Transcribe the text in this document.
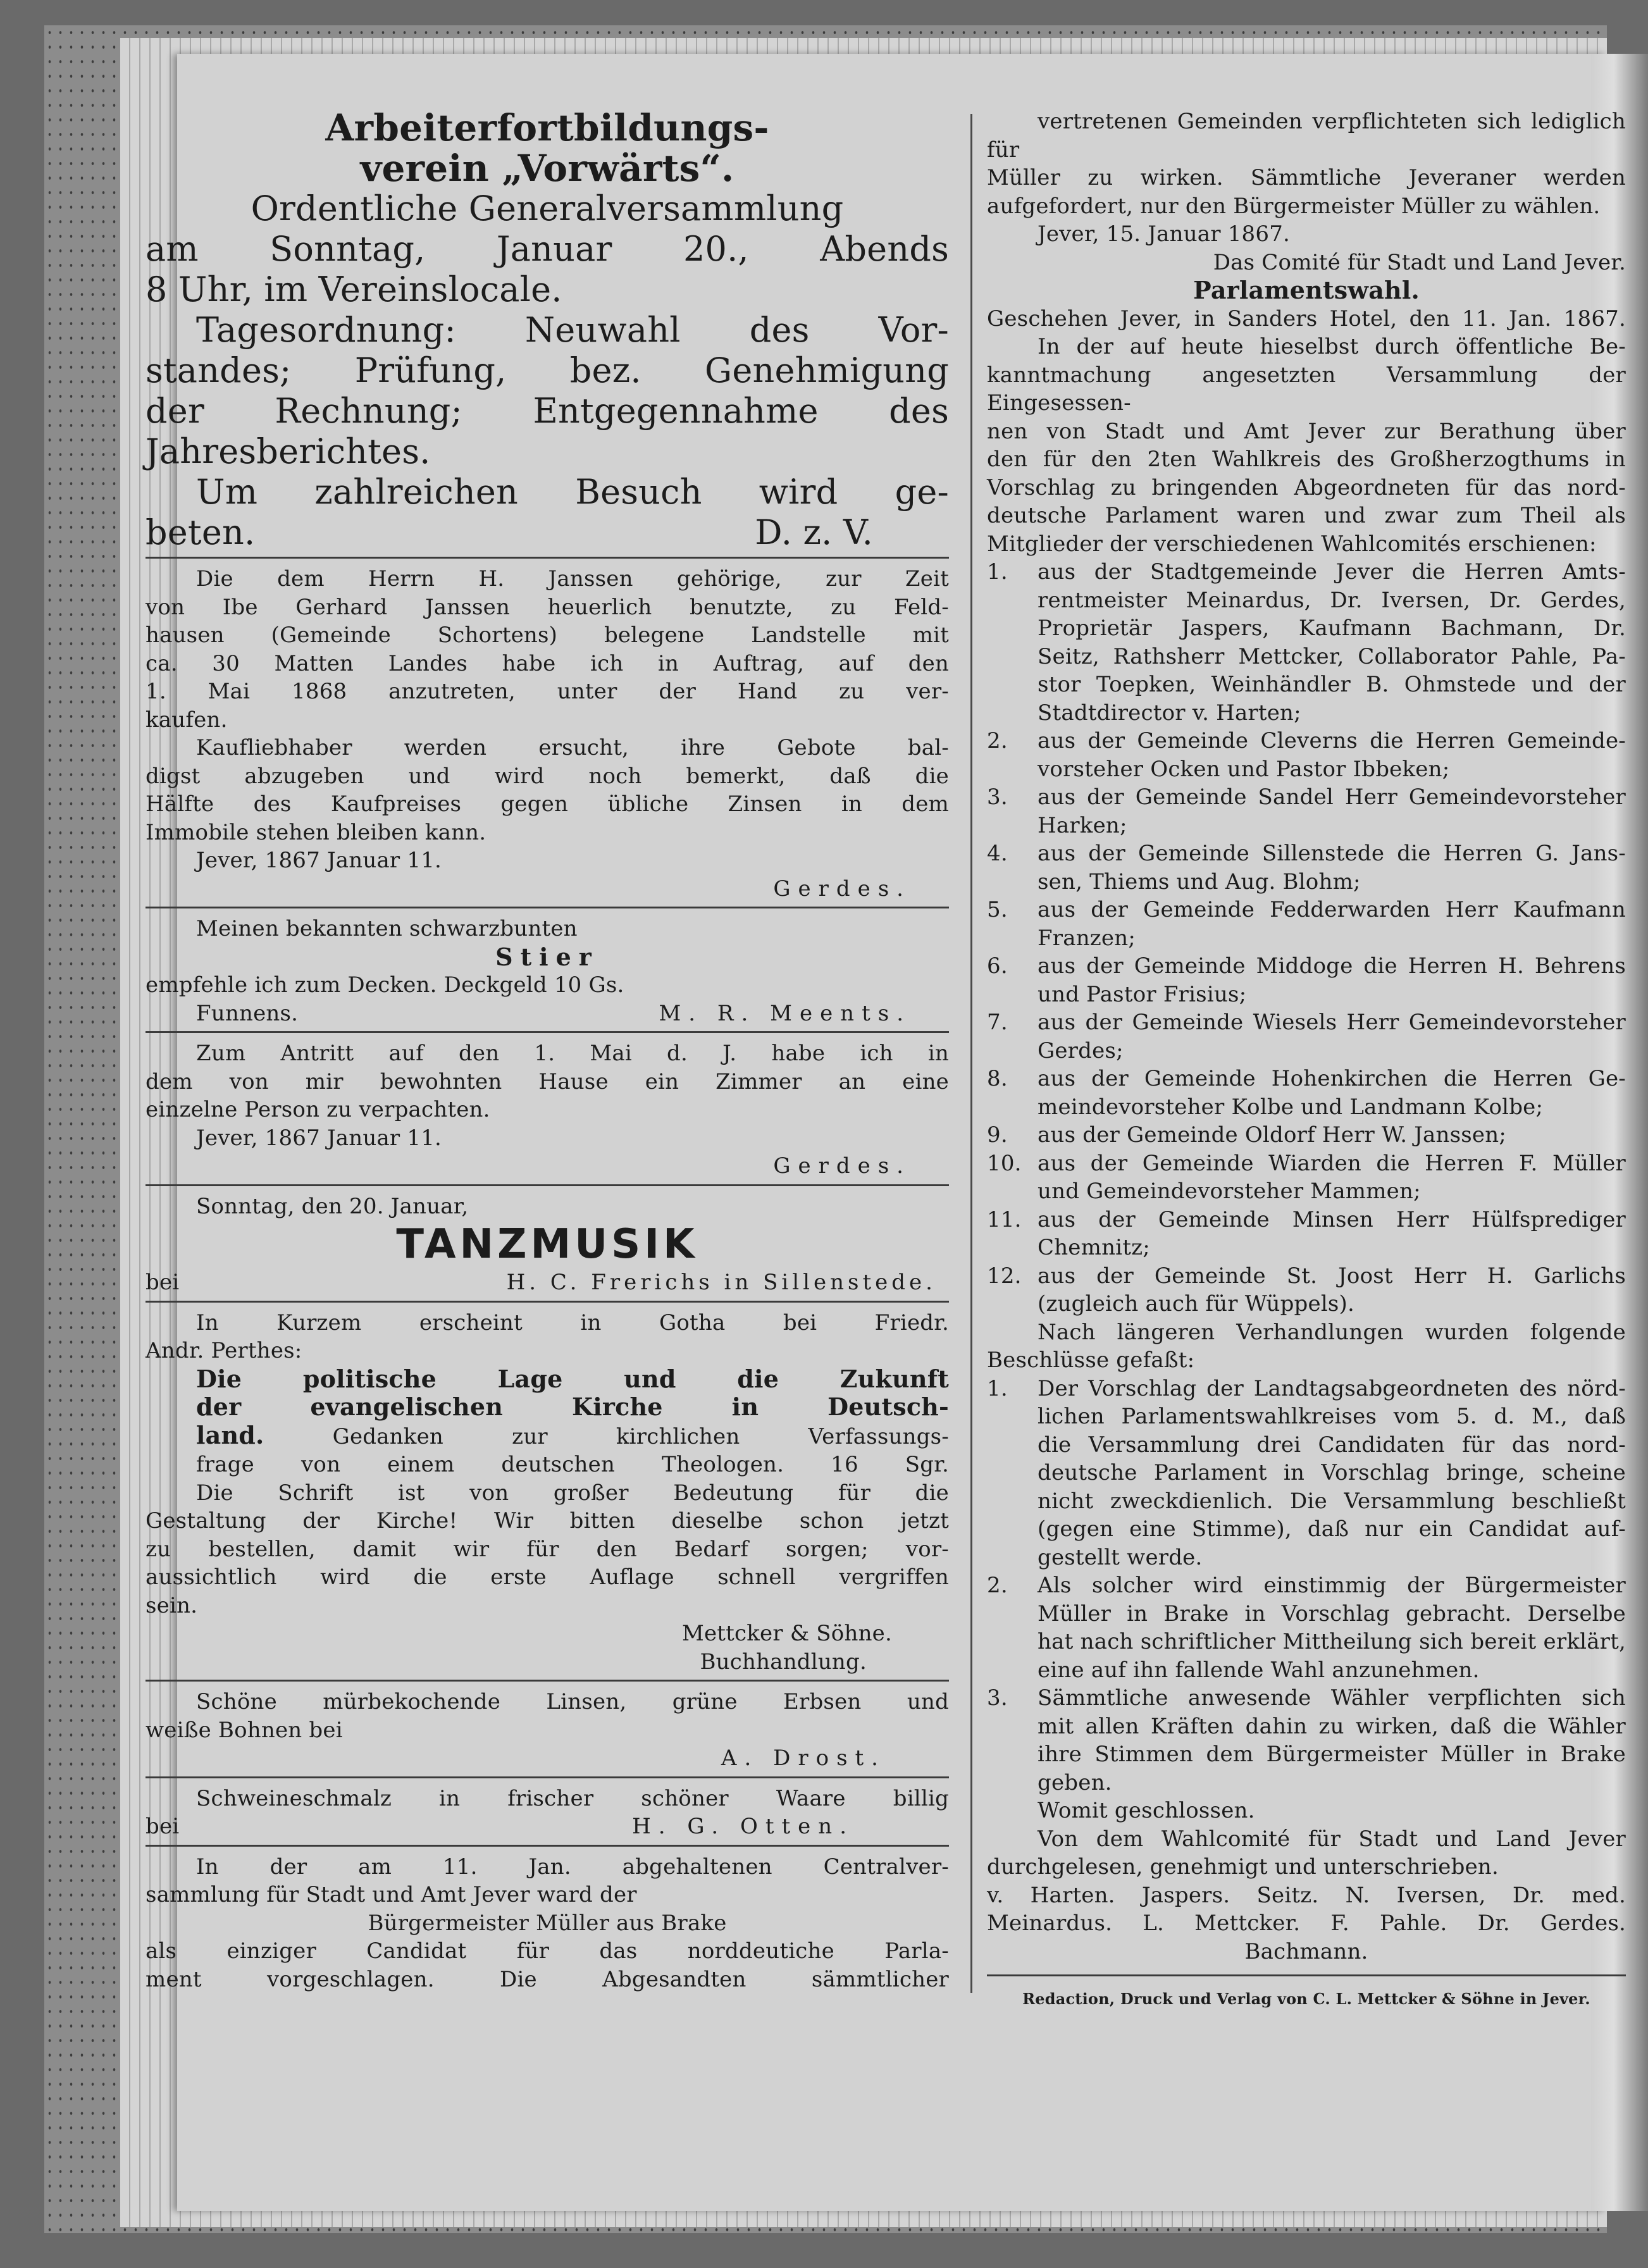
Arbeiterfortbildungs-

verein „Vorwärts“.

Ordentliche Generalversammlung

am Sonntag, Januar 20., Abends

8 Uhr, im Vereinslocale.

Tagesordnung: Neuwahl des Vor-

standes; Prüfung, bez. Genehmigung

der Rechnung; Entgegennahme des

Jahresberichtes.

Um zahlreichen Besuch wird ge-

beten.	D. z. V.

Die dem Herrn H. Janssen gehörige, zur Zeit

von Ibe Gerhard Janssen heuerlich benutzte, zu Feld-

hausen (Gemeinde Schortens) belegene Landstelle mit

ca. 30 Matten Landes habe ich in Auftrag, auf den

1. Mai 1868 anzutreten, unter der Hand zu ver-

kaufen.

Kaufliebhaber werden ersucht, ihre Gebote bal-

digst abzugeben und wird noch bemerkt, daß die

Hälfte des Kaufpreises gegen übliche Zinsen in dem

Immobile stehen bleiben kann.

Jever, 1867 Januar 11.

Gerdes.

Meinen bekannten schwarzbunten

Stier

empfehle ich zum Decken. Deckgeld 10 Gs.

Funnens.	M. R. Meents.

Zum Antritt auf den 1. Mai d. J. habe ich in

dem von mir bewohnten Hause ein Zimmer an eine

einzelne Person zu verpachten.

Jever, 1867 Januar 11.

Gerdes.

Sonntag, den 20. Januar,

TANZMUSIK

bei	H. C. Frerichs in Sillenstede.

In Kurzem erscheint in Gotha bei Friedr.

Andr. Perthes:

Die politische Lage und die Zukunft

der evangelischen Kirche in Deutsch-

land.	Gedanken zur kirchlichen Verfassungs-

frage von einem deutschen Theologen. 16 Sgr.

Die Schrift ist von großer Bedeutung für die

Gestaltung der Kirche! Wir bitten dieselbe schon jetzt

zu bestellen, damit wir für den Bedarf sorgen; vor-

aussichtlich wird die erste Auflage schnell vergriffen

sein.

Mettcker & Söhne.

Buchhandlung.

Schöne mürbekochende Linsen, grüne Erbsen und

weiße Bohnen bei

A. Drost.

Schweineschmalz in frischer schöner Waare billig

bei	H. G. Otten.

In der am 11. Jan. abgehaltenen Centralver-

sammlung für Stadt und Amt Jever ward der

Bürgermeister Müller aus Brake

als einziger Candidat für das norddeutiche Parla-

ment vorgeschlagen. Die Abgesandten sämmtlicher

vertretenen Gemeinden verpflichteten sich lediglich für

Müller zu wirken. Sämmtliche Jeveraner werden

aufgefordert, nur den Bürgermeister Müller zu wählen.

Jever, 15. Januar 1867.

Das Comité für Stadt und Land Jever.

Parlamentswahl.

Geschehen Jever, in Sanders Hotel, den 11. Jan. 1867.

In der auf heute hieselbst durch öffentliche Be-

kanntmachung angesetzten Versammlung der Eingesessen-

nen von Stadt und Amt Jever zur Berathung über

den für den 2ten Wahlkreis des Großherzogthums in

Vorschlag zu bringenden Abgeordneten für das nord-

deutsche Parlament waren und zwar zum Theil als

Mitglieder der verschiedenen Wahlcomités erschienen:

1.	aus der Stadtgemeinde Jever die Herren Amts-

rentmeister Meinardus, Dr. Iversen, Dr. Gerdes,

Proprietär Jaspers, Kaufmann Bachmann, Dr.

Seitz, Rathsherr Mettcker, Collaborator Pahle, Pa-

stor Toepken, Weinhändler B. Ohmstede und der

Stadtdirector v. Harten;

2.	aus der Gemeinde Cleverns die Herren Gemeinde-

vorsteher Ocken und Pastor Ibbeken;

3.	aus der Gemeinde Sandel Herr Gemeindevorsteher

Harken;

4.	aus der Gemeinde Sillenstede die Herren G. Jans-

sen, Thiems und Aug. Blohm;

5.	aus der Gemeinde Fedderwarden Herr Kaufmann

Franzen;

6.	aus der Gemeinde Middoge die Herren H. Behrens

und Pastor Frisius;

7.	aus der Gemeinde Wiesels Herr Gemeindevorsteher

Gerdes;

8.	aus der Gemeinde Hohenkirchen die Herren Ge-

meindevorsteher Kolbe und Landmann Kolbe;

9.	aus der Gemeinde Oldorf Herr W. Janssen;

10. aus der Gemeinde Wiarden die Herren F. Müller

und Gemeindevorsteher Mammen;

11. aus der Gemeinde Minsen Herr Hülfsprediger

Chemnitz;

12. aus der Gemeinde St. Joost Herr H. Garlichs

(zugleich auch für Wüppels).

Nach längeren Verhandlungen wurden folgende

Beschlüsse gefaßt:

1.	Der Vorschlag der Landtagsabgeordneten des nörd-

lichen Parlamentswahlkreises vom 5. d. M., daß

die Versammlung drei Candidaten für das nord-

deutsche Parlament in Vorschlag bringe, scheine

nicht zweckdienlich. Die Versammlung beschließt

(gegen eine Stimme), daß nur ein Candidat auf-

gestellt werde.

2.	Als solcher wird einstimmig der Bürgermeister

Müller in Brake in Vorschlag gebracht. Derselbe

hat nach schriftlicher Mittheilung sich bereit erklärt,

eine auf ihn fallende Wahl anzunehmen.

3.	Sämmtliche anwesende Wähler verpflichten sich

mit allen Kräften dahin zu wirken, daß die Wähler

ihre Stimmen dem Bürgermeister Müller in Brake

geben.

Womit geschlossen.

Von dem Wahlcomité für Stadt und Land Jever

durchgelesen, genehmigt und unterschrieben.

v. Harten. Jaspers. Seitz. N. Iversen, Dr. med.

Meinardus. L. Mettcker. F. Pahle. Dr. Gerdes.

Bachmann.

Redaction, Druck und Verlag von C. L. Mettcker & Söhne in Jever.
